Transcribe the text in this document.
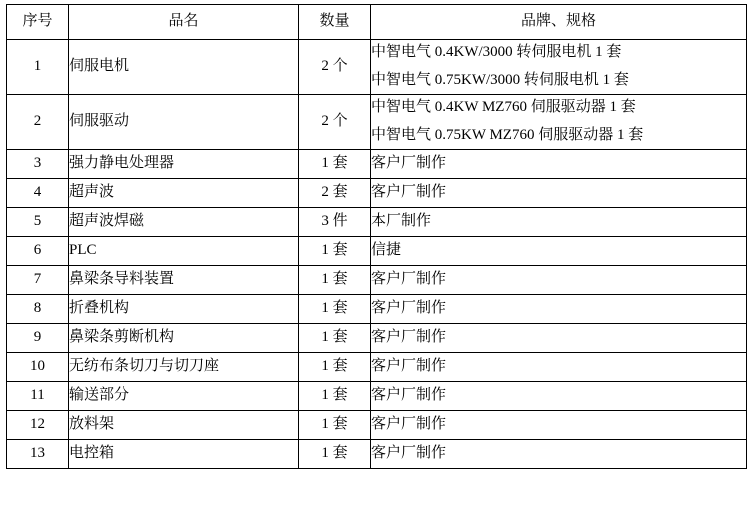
序号	品名	数量	品牌、规格
1	伺服电机	2 个	中智电气 0.4KW/3000 转伺服电机 1 套
中智电气 0.75KW/3000 转伺服电机 1 套

2	伺服驱动	2 个	中智电气 0.4KW MZ760 伺服驱动器 1 套
中智电气 0.75KW MZ760 伺服驱动器 1 套

3	强力静电处理器	1 套	客户厂制作
4	超声波	2 套	客户厂制作
5	超声波焊磁	3 件	本厂制作
6	PLC	1 套	信捷
7	鼻梁条导料装置	1 套	客户厂制作
8	折叠机构	1 套	客户厂制作
9	鼻梁条剪断机构	1 套	客户厂制作
10	无纺布条切刀与切刀座	1 套	客户厂制作
11	输送部分	1 套	客户厂制作
12	放料架	1 套	客户厂制作
13	电控箱	1 套	客户厂制作
